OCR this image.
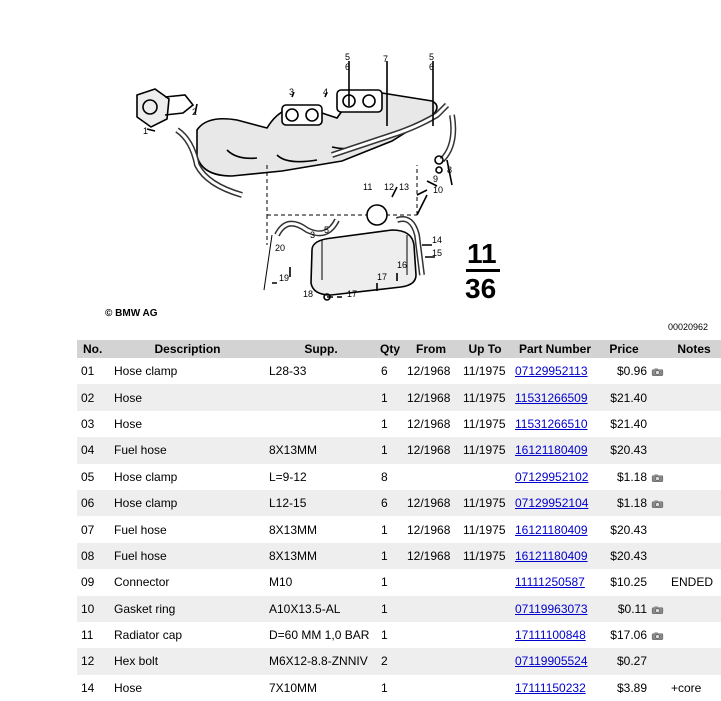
1
2
3	4
5
6
7	5
6
8
9
10
11 12 13
14
15
16
17
18	17
19
20
3 5
11
36
© BMW AG
00020962
No.	Description	Supp.	Qty	From	Up To	Part Number	Price		Notes
01	Hose clamp	L28-33	6	12/1968	11/1975	07129952113	$0.96		
02	Hose		1	12/1968	11/1975	11531266509	$21.40		
03	Hose		1	12/1968	11/1975	11531266510	$21.40		
04	Fuel hose	8X13MM	1	12/1968	11/1975	16121180409	$20.43		
05	Hose clamp	L=9-12	8			07129952102	$1.18		
06	Hose clamp	L12-15	6	12/1968	11/1975	07129952104	$1.18		
07	Fuel hose	8X13MM	1	12/1968	11/1975	16121180409	$20.43		
08	Fuel hose	8X13MM	1	12/1968	11/1975	16121180409	$20.43		
09	Connector	M10	1			11111250587	$10.25		ENDED
10	Gasket ring	A10X13.5-AL	1			07119963073	$0.11		
11	Radiator cap	D=60 MM 1,0 BAR	1			17111100848	$17.06		
12	Hex bolt	M6X12-8.8-ZNNIV	2			07119905524	$0.27		
14	Hose	7X10MM	1			17111150232	$3.89		+core
